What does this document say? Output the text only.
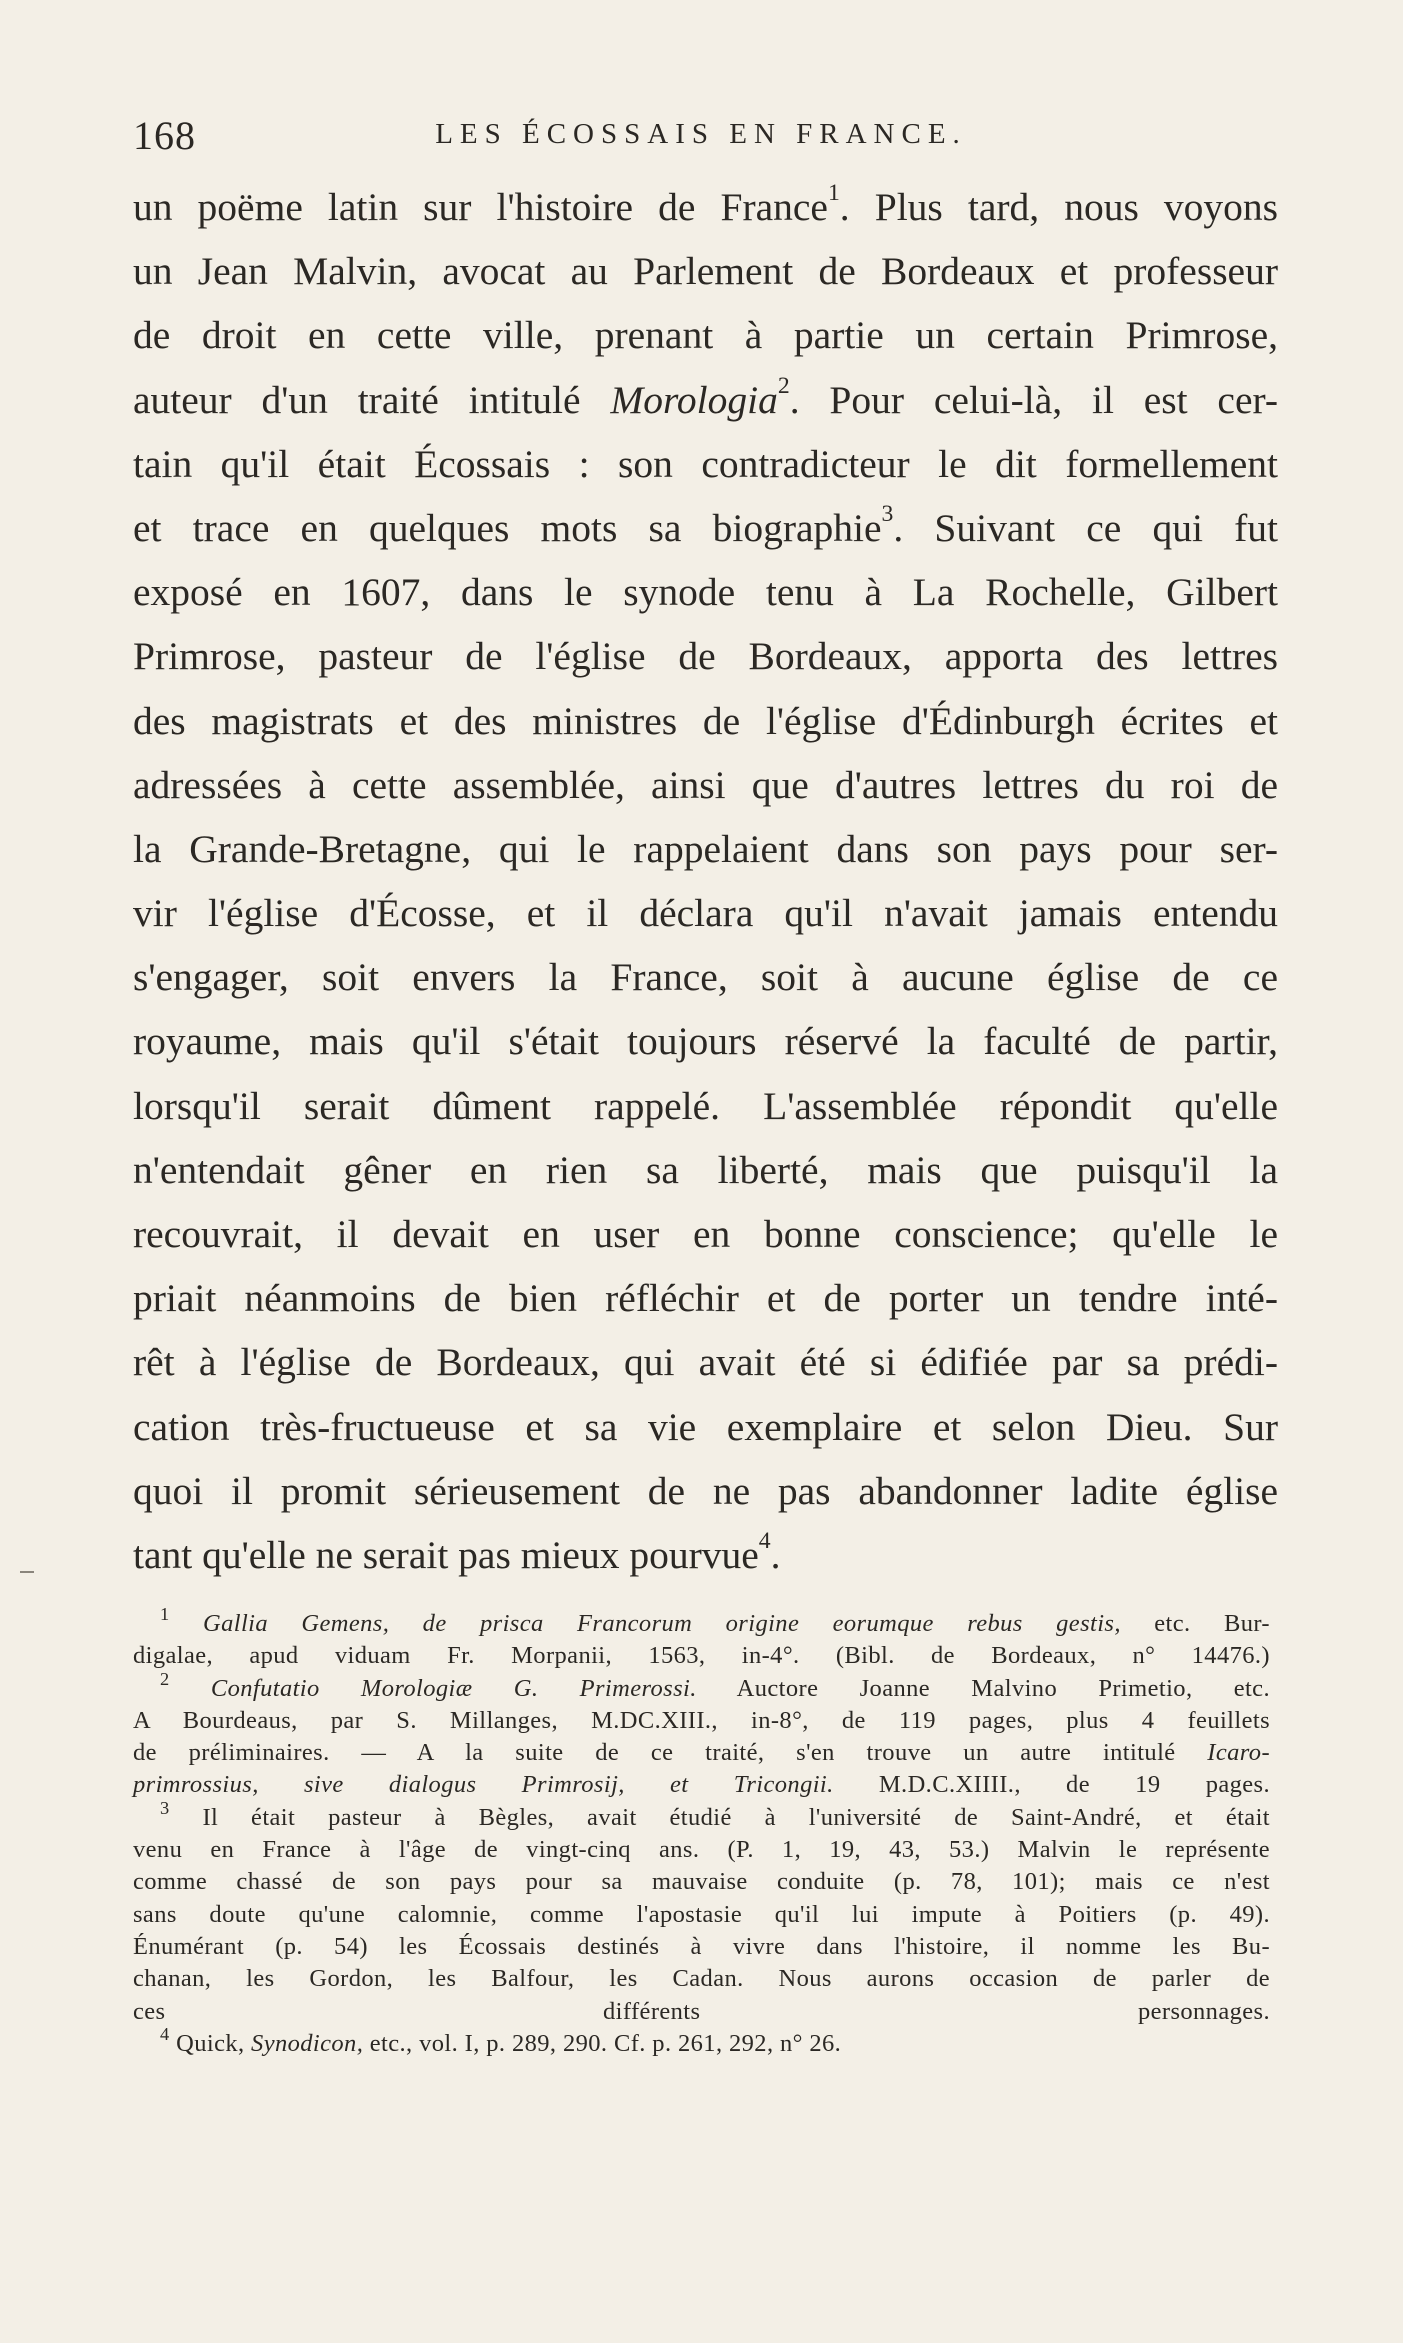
168	LES ÉCOSSAIS EN FRANCE.
un poëme latin sur l'histoire de France$^1$. Plus tard, nous voyons
un Jean Malvin, avocat au Parlement de Bordeaux et professeur
de droit en cette ville, prenant à partie un certain Primrose,
auteur d'un traité intitulé Morologia$^2$. Pour celui-là, il est cer-
tain qu'il était Écossais : son contradicteur le dit formellement
et trace en quelques mots sa biographie$^3$. Suivant ce qui fut
exposé en 1607, dans le synode tenu à La Rochelle, Gilbert
Primrose, pasteur de l'église de Bordeaux, apporta des lettres
des magistrats et des ministres de l'église d'Édinburgh écrites et
adressées à cette assemblée, ainsi que d'autres lettres du roi de
la Grande-Bretagne, qui le rappelaient dans son pays pour ser-
vir l'église d'Écosse, et il déclara qu'il n'avait jamais entendu
s'engager, soit envers la France, soit à aucune église de ce
royaume, mais qu'il s'était toujours réservé la faculté de partir,
lorsqu'il serait dûment rappelé. L'assemblée répondit qu'elle
n'entendait gêner en rien sa liberté, mais que puisqu'il la
recouvrait, il devait en user en bonne conscience; qu'elle le
priait néanmoins de bien réfléchir et de porter un tendre inté-
rêt à l'église de Bordeaux, qui avait été si édifiée par sa prédi-
cation très-fructueuse et sa vie exemplaire et selon Dieu. Sur
quoi il promit sérieusement de ne pas abandonner ladite église
tant qu'elle ne serait pas mieux pourvue$^4$.
$^1$ Gallia Gemens, de prisca Francorum origine eorumque rebus gestis, etc. Bur-
digalae, apud viduam Fr. Morpanii, 1563, in-4°. (Bibl. de Bordeaux, n° 14476.)
$^2$ Confutatio Morologiæ G. Primerossi. Auctore Joanne Malvino Primetio, etc.
A Bourdeaus, par S. Millanges, M.DC.XIII., in-8°, de 119 pages, plus 4 feuillets
de préliminaires. — A la suite de ce traité, s'en trouve un autre intitulé Icaro-
primrossius, sive dialogus Primrosij, et Tricongii. M.D.C.XIIII., de 19 pages.
$^3$ Il était pasteur à Bègles, avait étudié à l'université de Saint-André, et était
venu en France à l'âge de vingt-cinq ans. (P. 1, 19, 43, 53.) Malvin le représente
comme chassé de son pays pour sa mauvaise conduite (p. 78, 101); mais ce n'est
sans doute qu'une calomnie, comme l'apostasie qu'il lui impute à Poitiers (p. 49).
Énumérant (p. 54) les Écossais destinés à vivre dans l'histoire, il nomme les Bu-
chanan, les Gordon, les Balfour, les Cadan. Nous aurons occasion de parler de
ces différents personnages.
$^4$ Quick, Synodicon, etc., vol. I, p. 289, 290. Cf. p. 261, 292, n° 26.
